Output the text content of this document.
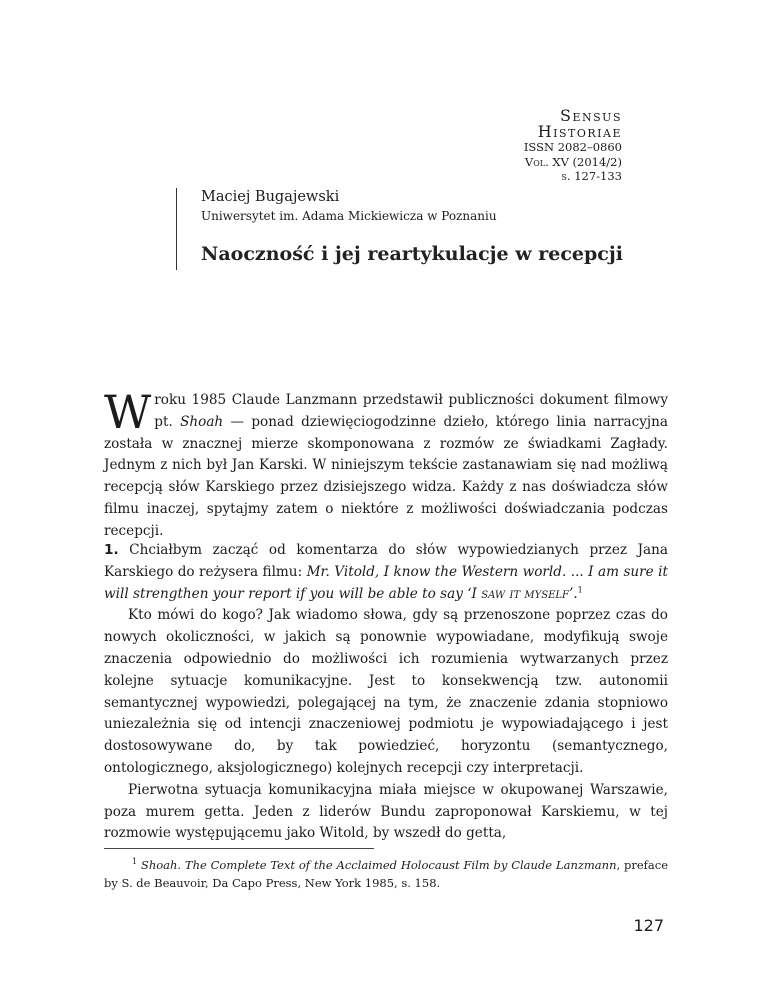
Sensus
Historiae
ISSN 2082–0860
Vol. XV (2014/2)
s. 127-133
Maciej Bugajewski
Uniwersytet im. Adama Mickiewicza w Poznaniu
Naoczność i jej reartykulacje w recepcji

Wroku 1985 Claude Lanzmann przedstawił publiczności dokument filmowy pt. Shoah — ponad dziewięciogodzinne dzieło, którego linia narracyjna została w znacznej mierze skomponowana z rozmów ze świadkami Zagłady. Jednym z nich był Jan Karski. W niniejszym tekście zastanawiam się nad możliwą recepcją słów Karskiego przez dzisiejszego widza. Każdy z nas doświadcza słów filmu inaczej, spytajmy zatem o niektóre z możliwości doświadczania podczas recepcji.

1. Chciałbym zacząć od komentarza do słów wypowiedzianych przez Jana Karskiego do reżysera filmu: Mr. Vitold, I know the Western world. ... I am sure it will strengthen your report if you will be able to say ‘I saw it myself’.$^1$

Kto mówi do kogo? Jak wiadomo słowa, gdy są przenoszone poprzez czas do nowych okoliczności, w jakich są ponownie wypowiadane, modyfikują swoje znaczenia odpowiednio do możliwości ich rozumienia wytwarzanych przez kolejne sytuacje komunikacyjne. Jest to konsekwencją tzw. autonomii semantycznej wypowiedzi, polegającej na tym, że znaczenie zdania stopniowo uniezależnia się od intencji znaczeniowej podmiotu je wypowiadającego i jest dostosowywane do, by tak powiedzieć, horyzontu (semantycznego, ontologicznego, aksjologicznego) kolejnych recepcji czy interpretacji.

Pierwotna sytuacja komunikacyjna miała miejsce w okupowanej Warszawie, poza murem getta. Jeden z liderów Bundu zaproponował Karskiemu, w tej rozmowie występującemu jako Witold, by wszedł do getta,

$^1$ Shoah. The Complete Text of the Acclaimed Holocaust Film by Claude Lanzmann, preface by S. de Beauvoir, Da Capo Press, New York 1985, s. 158.
127
